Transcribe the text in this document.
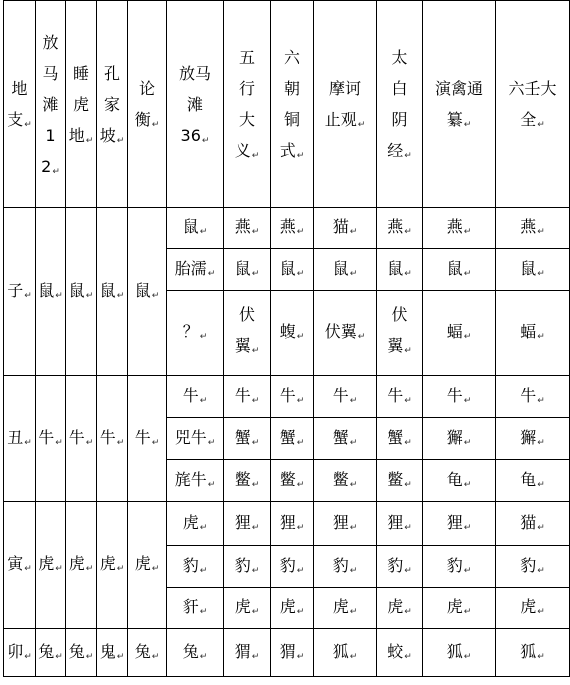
地
支 ↵	放
马
滩
1
2 ↵	睡
虎
地 ↵	孔
家
坡 ↵	论
衡 ↵	放马
滩
36 ↵	五
行
大
义 ↵	六
朝
铜
式 ↵	摩诃
止观 ↵	太
白
阴
经 ↵	演禽通
纂 ↵	六壬大
全 ↵

子 ↵	鼠 ↵	鼠 ↵	鼠 ↵	鼠 ↵	鼠 ↵	燕 ↵	燕 ↵	猫 ↵	燕 ↵	燕 ↵	燕 ↵
					胎濡 ↵	鼠 ↵	鼠 ↵	鼠 ↵	鼠 ↵	鼠 ↵	鼠 ↵
					？ ↵	伏
翼 ↵	蝮 ↵	伏翼 ↵	伏
翼 ↵	蝠 ↵	蝠 ↵
丑 ↵	牛 ↵	牛 ↵	牛 ↵	牛 ↵	牛 ↵	牛 ↵	牛 ↵	牛 ↵	牛 ↵	牛 ↵	牛 ↵
					兕牛 ↵	蟹 ↵	蟹 ↵	蟹 ↵	蟹 ↵	獬 ↵	獬 ↵
					旄牛 ↵	鳖 ↵	鳖 ↵	鳖 ↵	鳖 ↵	龟 ↵	龟 ↵
寅 ↵	虎 ↵	虎 ↵	虎 ↵	虎 ↵	虎 ↵	狸 ↵	狸 ↵	狸 ↵	狸 ↵	狸 ↵	猫 ↵
					豹 ↵	豹 ↵	豹 ↵	豹 ↵	豹 ↵	豹 ↵	豹 ↵
					豻 ↵	虎 ↵	虎 ↵	虎 ↵	虎 ↵	虎 ↵	虎 ↵
卯 ↵	兔 ↵	兔 ↵	鬼 ↵	兔 ↵	兔 ↵	猬 ↵	猬 ↵	狐 ↵	蛟 ↵	狐 ↵	狐 ↵
